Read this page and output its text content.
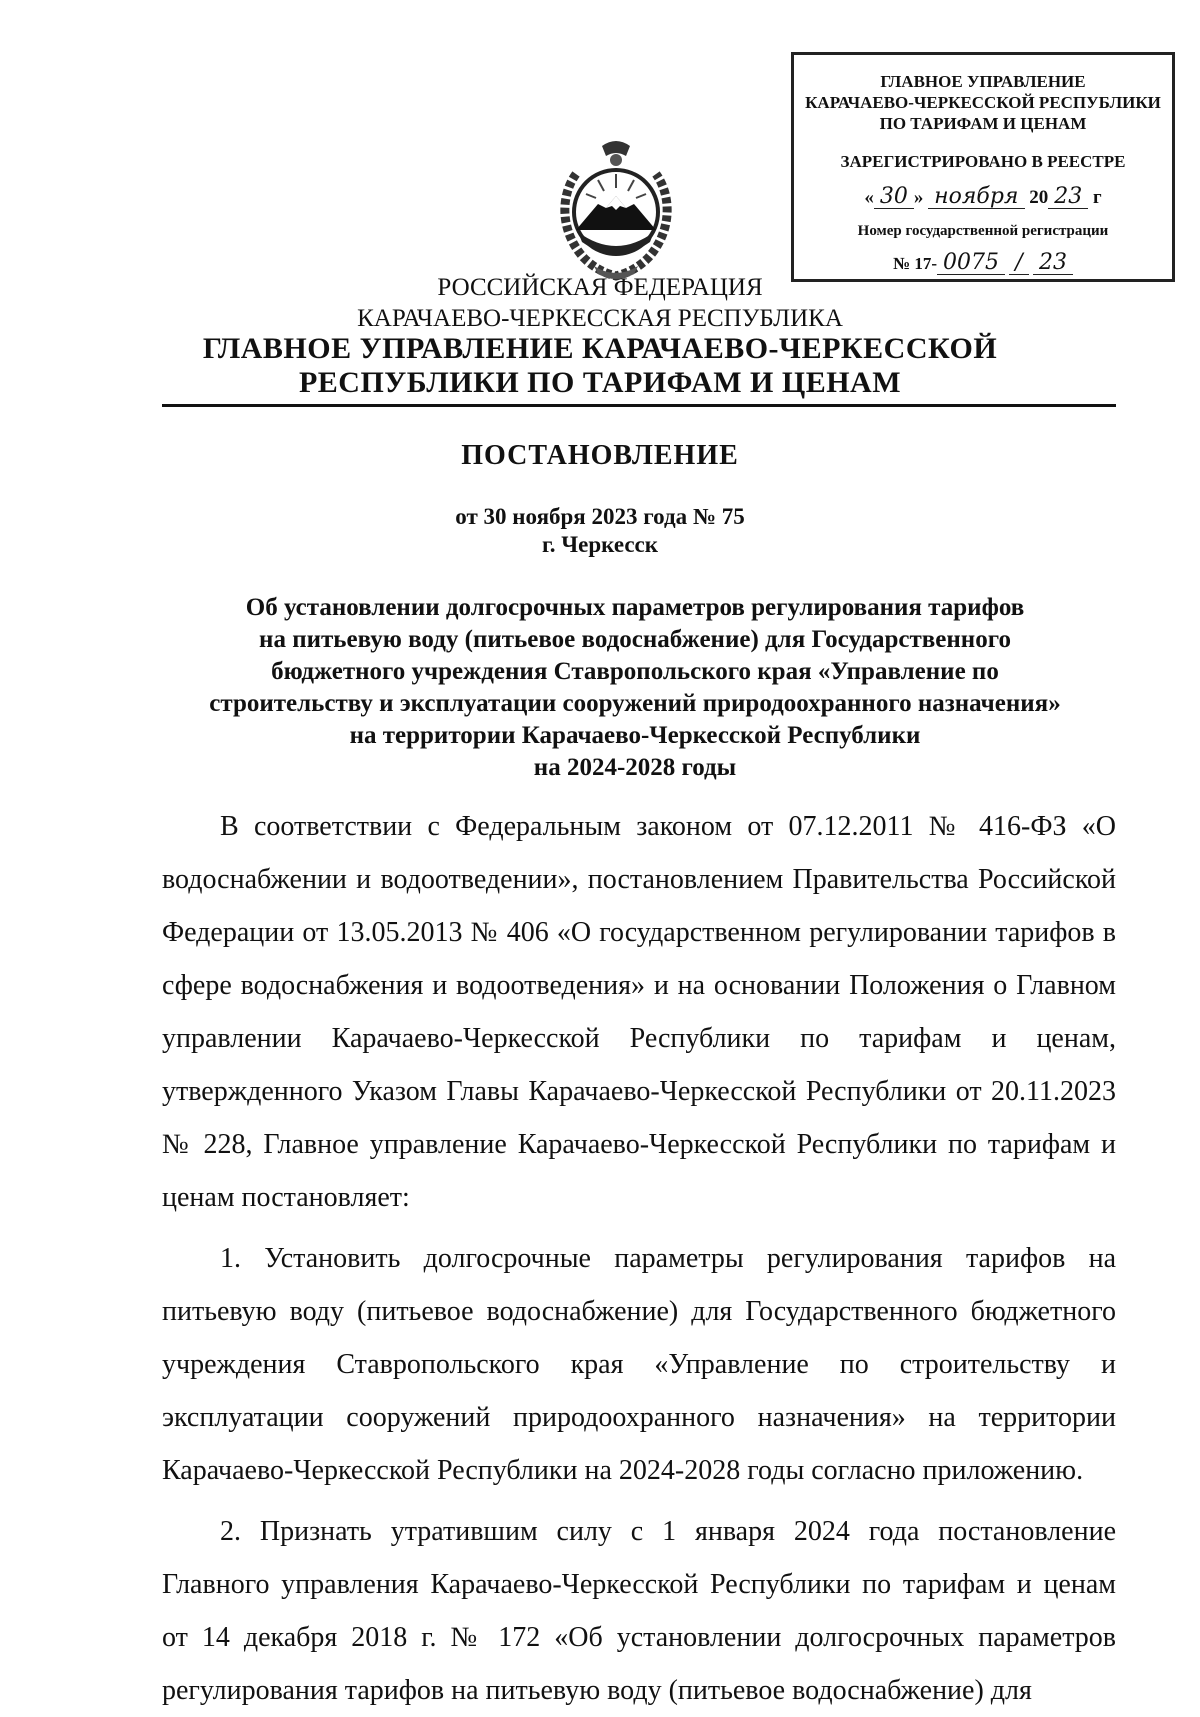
ГЛАВНОЕ УПРАВЛЕНИЕ
КАРАЧАЕВО-ЧЕРКЕССКОЙ РЕСПУБЛИКИ
ПО ТАРИФАМ И ЦЕНАМ
ЗАРЕГИСТРИРОВАНО В РЕЕСТРЕ
« 30 » ноября 20 23 г
Номер государственной регистрации
№ 17- 0075 / 23
РОССИЙСКАЯ ФЕДЕРАЦИЯ
КАРАЧАЕВО-ЧЕРКЕССКАЯ РЕСПУБЛИКА
ГЛАВНОЕ УПРАВЛЕНИЕ КАРАЧАЕВО-ЧЕРКЕССКОЙ
РЕСПУБЛИКИ ПО ТАРИФАМ И ЦЕНАМ
ПОСТАНОВЛЕНИЕ
от 30 ноября 2023 года № 75
г. Черкесск
Об установлении долгосрочных параметров регулирования тарифов
на питьевую воду (питьевое водоснабжение) для Государственного
бюджетного учреждения Ставропольского края «Управление по
строительству и эксплуатации сооружений природоохранного назначения»
на территории Карачаево-Черкесской Республики
на 2024-2028 годы

В соответствии с Федеральным законом от 07.12.2011 № 416-ФЗ «О водоснабжении и водоотведении», постановлением Правительства Российской Федерации от 13.05.2013 № 406 «О государственном регулировании тарифов в сфере водоснабжения и водоотведения» и на основании Положения о Главном управлении Карачаево-Черкесской Республики по тарифам и ценам, утвержденного Указом Главы Карачаево-Черкесской Республики от 20.11.2023 № 228, Главное управление Карачаево-Черкесской Республики по тарифам и ценам постановляет:

1. Установить долгосрочные параметры регулирования тарифов на питьевую воду (питьевое водоснабжение) для Государственного бюджетного учреждения Ставропольского края «Управление по строительству и эксплуатации сооружений природоохранного назначения» на территории Карачаево-Черкесской Республики на 2024-2028 годы согласно приложению.

2. Признать утратившим силу с 1 января 2024 года постановление Главного управления Карачаево-Черкесской Республики по тарифам и ценам от 14 декабря 2018 г. № 172 «Об установлении долгосрочных параметров регулирования тарифов на питьевую воду (питьевое водоснабжение) для
